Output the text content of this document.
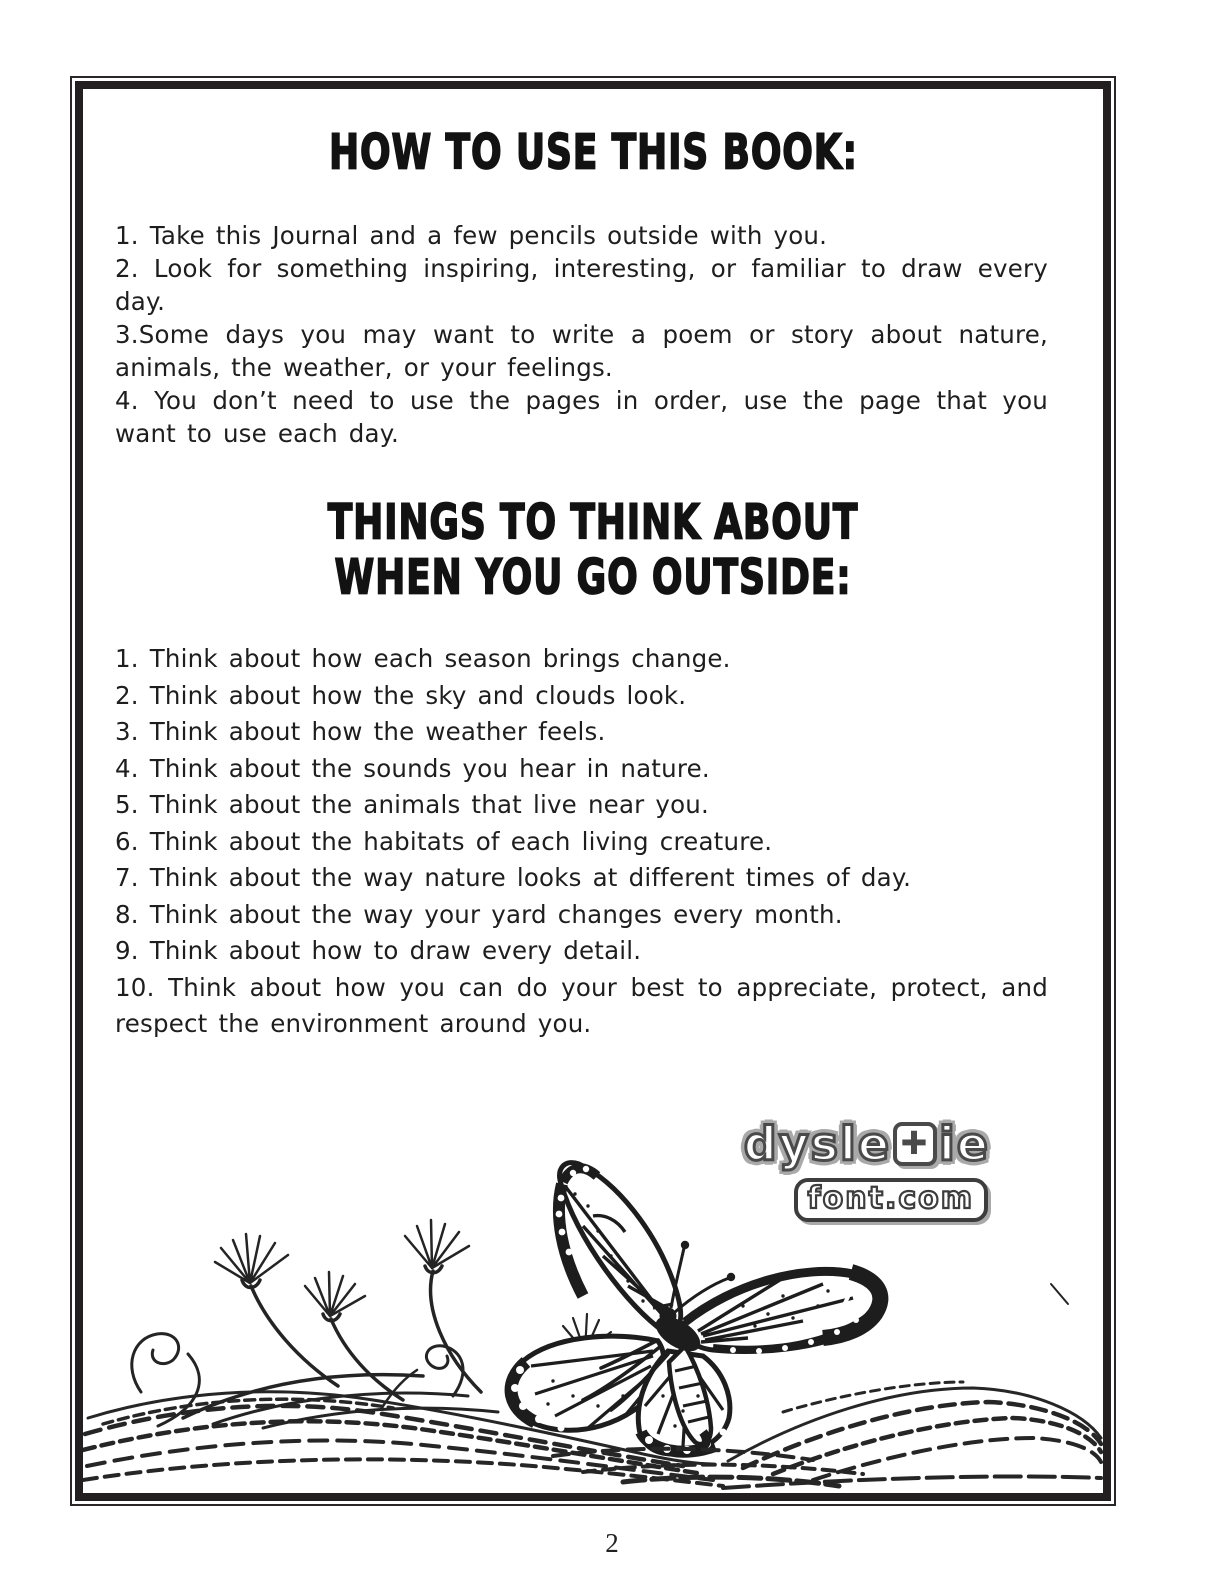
HOW TO USE THIS BOOK:

1. Take this Journal and a few pencils outside with you.

2. Look for something inspiring, interesting, or familiar to draw every day.

3.Some days you may want to write a poem or story about nature, animals, the weather, or your feelings.

4. You don’t need to use the pages in order, use the page that you want to use each day.

THINGS TO THINK ABOUT
WHEN YOU GO OUTSIDE:

1. Think about how each season brings change.

2. Think about how the sky and clouds look.

3. Think about how the weather feels.

4. Think about the sounds you hear in nature.

5. Think about the animals that live near you.

6. Think about the habitats of each living creature.

7. Think about the way nature looks at different times of day.

8. Think about the way your yard changes every month.

9. Think about how to draw every detail.

10. Think about how you can do your best to appreciate, protect, and respect the environment around you.

dysle + ie
font.com
2
